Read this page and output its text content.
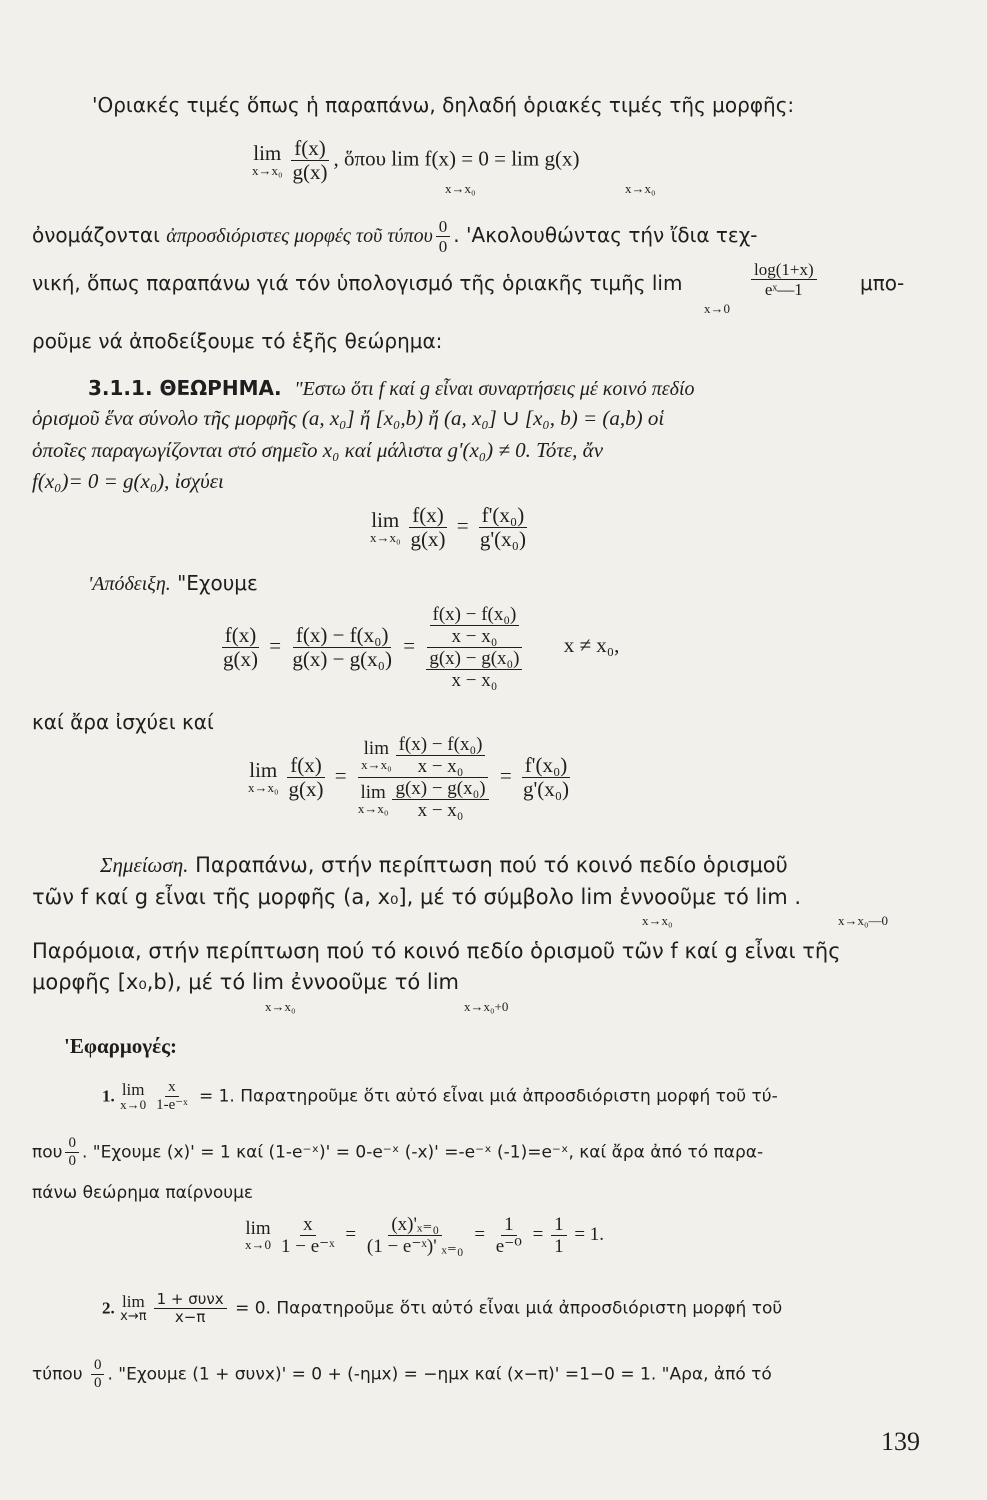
'Οριακές τιμές ὅπως ἡ παραπάνω, δηλαδή ὁριακές τιμές τῆς μορφῆς:
lim
$x\to x_0 \frac{f(x)}{g(x)}$ , ὅπου lim f(x) = 0 = lim g(x)
x→x₀	x→x₀
ὀνομάζονται ἀπροσδιόριστες μορφές τοῦ τύπου $\frac{0}{0}$ . 'Ακολουθώντας τήν ἴδια τεχ-
νική, ὅπως παραπάνω γιά τόν ὑπολογισμό τῆς ὁριακῆς τιμῆς lim	$\frac{\log(1+x)}{\text{eˣ—1}} \mu\pi o-$
x→0
ροῦμε νά ἀποδείξουμε τό ἑξῆς θεώρημα:
3.1.1. ΘΕΩΡΗΜΑ. "Εστω ὅτι f καί g εἶναι συναρτήσεις μέ κοινό πεδίο
ὁρισμοῦ ἕνα σύνολο τῆς μορφῆς (a, x₀] ἤ [x₀,b) ἤ (a, x₀] ∪ [x₀, b) = (a,b) οἱ
ὁποῖες παραγωγίζονται στό σημεῖο x₀ καί μάλιστα g'(x₀) ≠ 0. Τότε, ἄν
f(x₀)= 0 = g(x₀), ἰσχύει
lim
$x\to x_0 \frac{f(x)}{g(x)} = \frac{\text{f'(x₀)}}{\text{g'(x₀)}}$
'Απόδειξη. "Εχουμε
$\frac{f(x)}{g(x)} = \frac{\text{f(x) − f(x₀)}}{\text{g(x) − g(x₀)}} = \frac{\frac{\text{f(x) − f(x₀)}}{\text{x − x₀}}}{\frac{\text{g(x) − g(x₀)}}{\text{x − x₀}}}$ x ≠ x₀,
καί ἄρα ἰσχύει καί
lim
$x\to x_0 \frac{f(x)}{g(x)} = \lim$
$x\to x_0 \frac{\text{f(x) − f(x₀)}}{\text{x − x₀}}$
lim
$x\to x_0 \frac{\text{g(x) − g(x₀)}}{\text{x − x₀}} = \frac{\text{f'(x₀)}}{\text{g'(x₀)}}$
Σημείωση. Παραπάνω, στήν περίπτωση πού τό κοινό πεδίο ὁρισμοῦ
τῶν f καί g εἶναι τῆς μορφῆς (a, x₀], μέ τό σύμβολο lim ἐννοοῦμε τό lim .
x→x₀	x→x₀—0
Παρόμοια, στήν περίπτωση πού τό κοινό πεδίο ὁρισμοῦ τῶν f καί g εἶναι τῆς
μορφῆς [x₀,b), μέ τό lim ἐννοοῦμε τό lim
x→x₀	x→x₀+0
'Εφαρμογές:
1. lim
$x\to 0 \frac{x}{\text{1-e⁻ˣ}} = 1$. Παρατηροῦμε ὅτι αὐτό εἶναι μιά ἀπροσδιόριστη μορφή τοῦ τύ-
που $\frac{0}{0}$ . "Εχουμε (x)' = 1 καί (1-e⁻ˣ)' = 0-e⁻ˣ (-x)' =-e⁻ˣ (-1)=e⁻ˣ, καί ἄρα ἀπό τό παρα-
πάνω θεώρημα παίρνουμε
lim
$x\to 0 \frac{x}{\text{1 − e⁻ˣ}} = \frac{\text{(x)'ₓ₌₀}}{\text{(1 − e⁻ˣ)' ₓ₌₀}} = \frac{1}{\text{e⁻⁰}} = \frac{1}{1} = 1$.
2. lim
$x\to\pi \frac{\text{1 + συνx}}{x-\pi} = 0$. Παρατηροῦμε ὅτι αὐτό εἶναι μιά ἀπροσδιόριστη μορφή τοῦ
τύπου $\frac{0}{0}$ . "Εχουμε (1 + συνx)' = 0 + (-ημx) = −ημx καί (x−π)' =1−0 = 1. "Αρα, ἀπό τό
139
